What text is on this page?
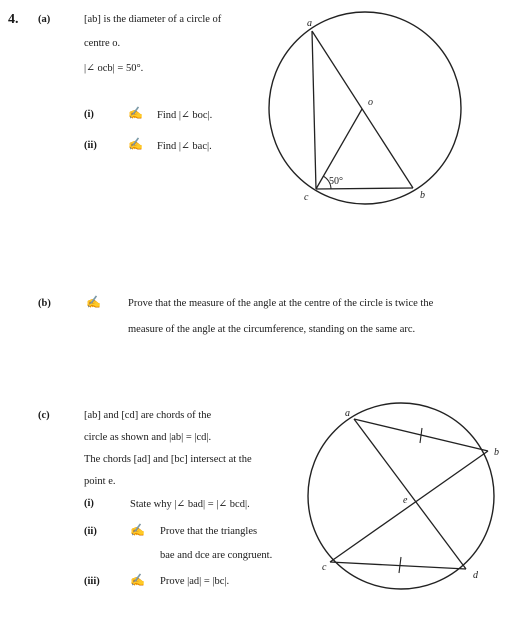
4. (a)	[ab] is the diameter of a circle of
centre o.
|∠ ocb| = 50°.
(i)	✍ Find |∠ boc|.
(ii)	✍ Find |∠ bac|.
a
o
c	b
50°
(b)	✍	Prove that the measure of the angle at the centre of the circle is twice the
measure of the angle at the circumference, standing on the same arc.
(c)	[ab] and [cd] are chords of the
circle as shown and |ab| = |cd|.
The chords [ad] and [bc] intersect at the
point e.
(i)	State why |∠ bad| = |∠ bcd|.
(ii)	✍ Prove that the triangles
bae and dce are congruent.
(iii)	✍ Prove |ad| = |bc|.
a
b
c
d
e
